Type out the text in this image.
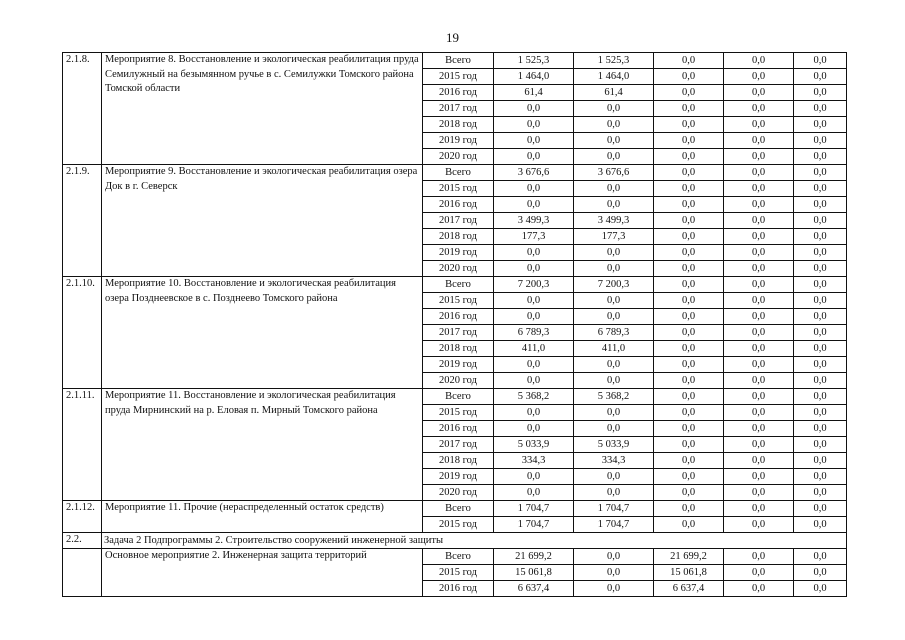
19
2.1.8.	Мероприятие 8. Восстановление и экологическая реабилитация пруда Семилужный на безымянном ручье в с. Семилужки Томского района Томской области	Всего	1 525,3	1 525,3	0,0	0,0	0,0
		2015 год	1 464,0	1 464,0	0,0	0,0	0,0
		2016 год	61,4	61,4	0,0	0,0	0,0
		2017 год	0,0	0,0	0,0	0,0	0,0
		2018 год	0,0	0,0	0,0	0,0	0,0
		2019 год	0,0	0,0	0,0	0,0	0,0
		2020 год	0,0	0,0	0,0	0,0	0,0
2.1.9.	Мероприятие 9. Восстановление и экологическая реабилитация озера Док в г. Северск	Всего	3 676,6	3 676,6	0,0	0,0	0,0
		2015 год	0,0	0,0	0,0	0,0	0,0
		2016 год	0,0	0,0	0,0	0,0	0,0
		2017 год	3 499,3	3 499,3	0,0	0,0	0,0
		2018 год	177,3	177,3	0,0	0,0	0,0
		2019 год	0,0	0,0	0,0	0,0	0,0
		2020 год	0,0	0,0	0,0	0,0	0,0
2.1.10.	Мероприятие 10. Восстановление и экологическая реабилитация озера Позднеевское в с. Позднеево Томского района	Всего	7 200,3	7 200,3	0,0	0,0	0,0
		2015 год	0,0	0,0	0,0	0,0	0,0
		2016 год	0,0	0,0	0,0	0,0	0,0
		2017 год	6 789,3	6 789,3	0,0	0,0	0,0
		2018 год	411,0	411,0	0,0	0,0	0,0
		2019 год	0,0	0,0	0,0	0,0	0,0
		2020 год	0,0	0,0	0,0	0,0	0,0
2.1.11.	Мероприятие 11. Восстановление и экологическая реабилитация пруда Мирнинский на р. Еловая п. Мирный Томского района	Всего	5 368,2	5 368,2	0,0	0,0	0,0
		2015 год	0,0	0,0	0,0	0,0	0,0
		2016 год	0,0	0,0	0,0	0,0	0,0
		2017 год	5 033,9	5 033,9	0,0	0,0	0,0
		2018 год	334,3	334,3	0,0	0,0	0,0
		2019 год	0,0	0,0	0,0	0,0	0,0
		2020 год	0,0	0,0	0,0	0,0	0,0
2.1.12.	Мероприятие 11. Прочие (нераспределенный остаток средств)	Всего	1 704,7	1 704,7	0,0	0,0	0,0
		2015 год	1 704,7	1 704,7	0,0	0,0	0,0
2.2.	Задача 2 Подпрограммы 2. Строительство сооружений инженерной защиты						
	Основное мероприятие 2. Инженерная защита территорий	Всего	21 699,2	0,0	21 699,2	0,0	0,0
		2015 год	15 061,8	0,0	15 061,8	0,0	0,0
		2016 год	6 637,4	0,0	6 637,4	0,0	0,0
